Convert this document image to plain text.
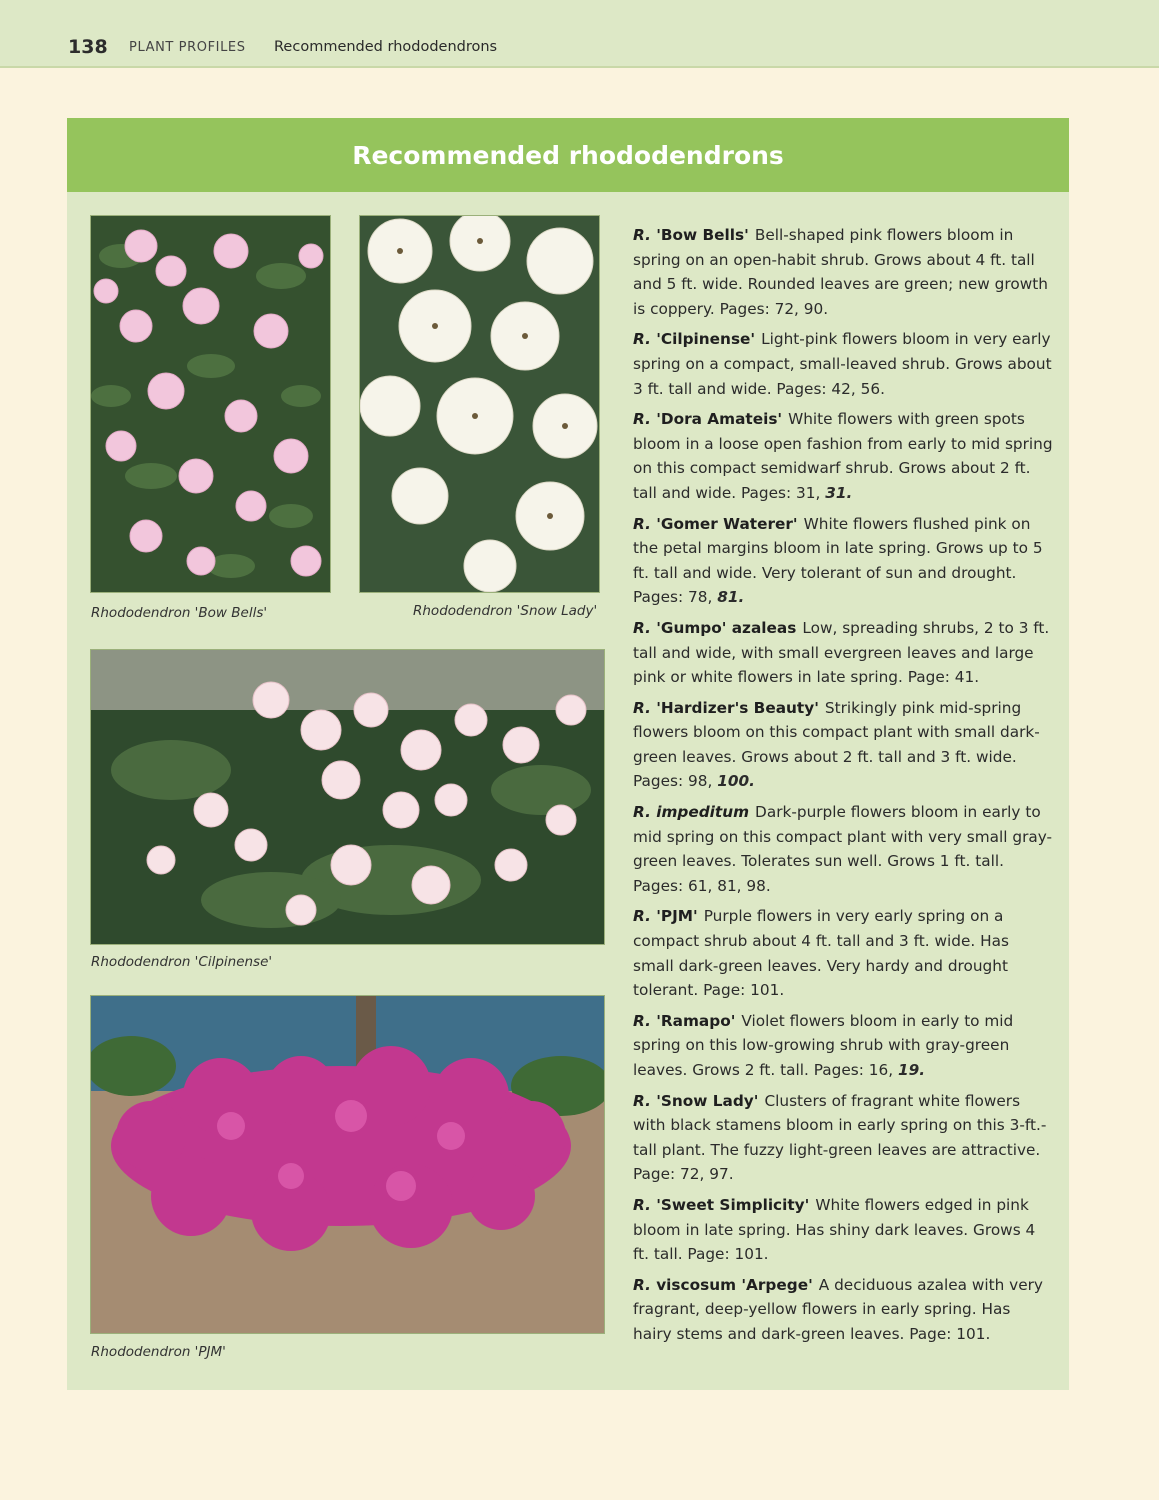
138 PLANT PROFILES Recommended rhododendrons
Recommended rhododendrons
Rhododendron 'Bow Bells'	Rhododendron 'Snow Lady'
Rhododendron 'Cilpinense'
Rhododendron 'PJM'

R. 'Bow Bells' Bell-shaped pink flowers bloom in spring on an open-habit shrub. Grows about 4 ft. tall and 5 ft. wide. Rounded leaves are green; new growth is coppery. Pages: 72, 90.

R. 'Cilpinense' Light-pink flowers bloom in very early spring on a compact, small-leaved shrub. Grows about 3 ft. tall and wide. Pages: 42, 56.

R. 'Dora Amateis' White flowers with green spots bloom in a loose open fashion from early to mid spring on this compact semidwarf shrub. Grows about 2 ft. tall and wide. Pages: 31, 31.

R. 'Gomer Waterer' White flowers flushed pink on the petal margins bloom in late spring. Grows up to 5 ft. tall and wide. Very tolerant of sun and drought. Pages: 78, 81.

R. 'Gumpo' azaleas Low, spreading shrubs, 2 to 3 ft. tall and wide, with small evergreen leaves and large pink or white flowers in late spring. Page: 41.

R. 'Hardizer's Beauty' Strikingly pink mid-spring flowers bloom on this compact plant with small dark-green leaves. Grows about 2 ft. tall and 3 ft. wide. Pages: 98, 100.

R. impeditum Dark-purple flowers bloom in early to mid spring on this compact plant with very small gray-green leaves. Tolerates sun well. Grows 1 ft. tall. Pages: 61, 81, 98.

R. 'PJM' Purple flowers in very early spring on a compact shrub about 4 ft. tall and 3 ft. wide. Has small dark-green leaves. Very hardy and drought tolerant. Page: 101.

R. 'Ramapo' Violet flowers bloom in early to mid spring on this low-growing shrub with gray-green leaves. Grows 2 ft. tall. Pages: 16, 19.

R. 'Snow Lady' Clusters of fragrant white flowers with black stamens bloom in early spring on this 3-ft.-tall plant. The fuzzy light-green leaves are attractive. Page: 72, 97.

R. 'Sweet Simplicity' White flowers edged in pink bloom in late spring. Has shiny dark leaves. Grows 4 ft. tall. Page: 101.

R. viscosum 'Arpege' A deciduous azalea with very fragrant, deep-yellow flowers in early spring. Has hairy stems and dark-green leaves. Page: 101.
